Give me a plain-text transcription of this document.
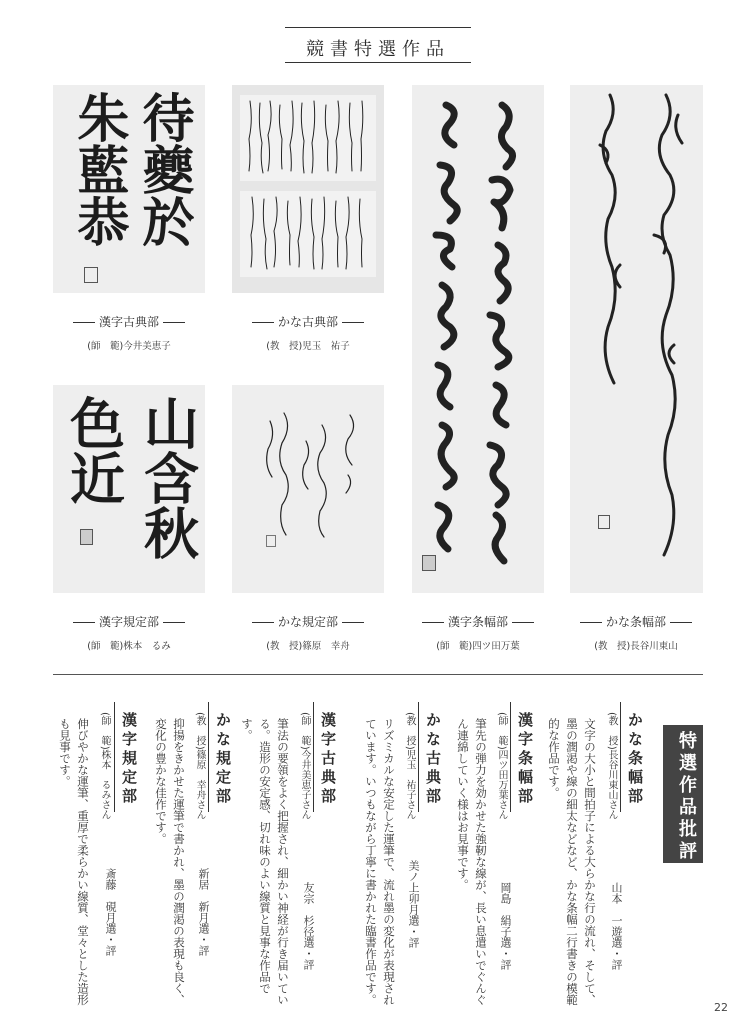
競書特選作品
待夔於
朱藍恭
山含秋
色近
漢字古典部
(師　範)今井美恵子
かな古典部
(教　授)児玉　祐子
漢字規定部
(師　範)株本　るみ
かな規定部
(教　授)篠原　幸舟
漢字条幅部
(師　範)四ツ田万葉
かな条幅部
(教　授)長谷川東山
特選作品批評
かな条幅部
(教　授)長谷川東山さん
文字の大小と間拍子による大らかな行の流れ、そして、墨の潤渇や線の細太などなど、かな条幅二行書きの模範的な作品です。
山本　一遊選・評
漢字条幅部
(師　範)四ツ田万葉さん
筆先の弾力を効かせた強靭な線が、長い息遣いでぐんぐん連綿していく様はお見事です。
岡島　絹子選・評
かな古典部
(教　授)児玉　祐子さん
リズミカルな安定した運筆で、流れ墨の変化が表現されています。いつもながら丁寧に書かれた臨書作品です。	美ノ上卯月選・評
漢字古典部
(師　範)今井美恵子さん
筆法の要領をよく把握され、細かい神経が行き届いている。造形の安定感、切れ味のよい線質と見事な作品です。
友宗　杉径選・評
かな規定部
(教　授)篠原　幸舟さん
抑揚をきかせた運筆で書かれ、墨の潤渇の表現も良く、変化の豊かな佳作です。
新居　新月選・評
漢字規定部
(師　範)株本　るみさん
伸びやかな運筆、重厚で柔らかい線質、堂々とした造形も見事です。
斎藤　硯月選・評
22
